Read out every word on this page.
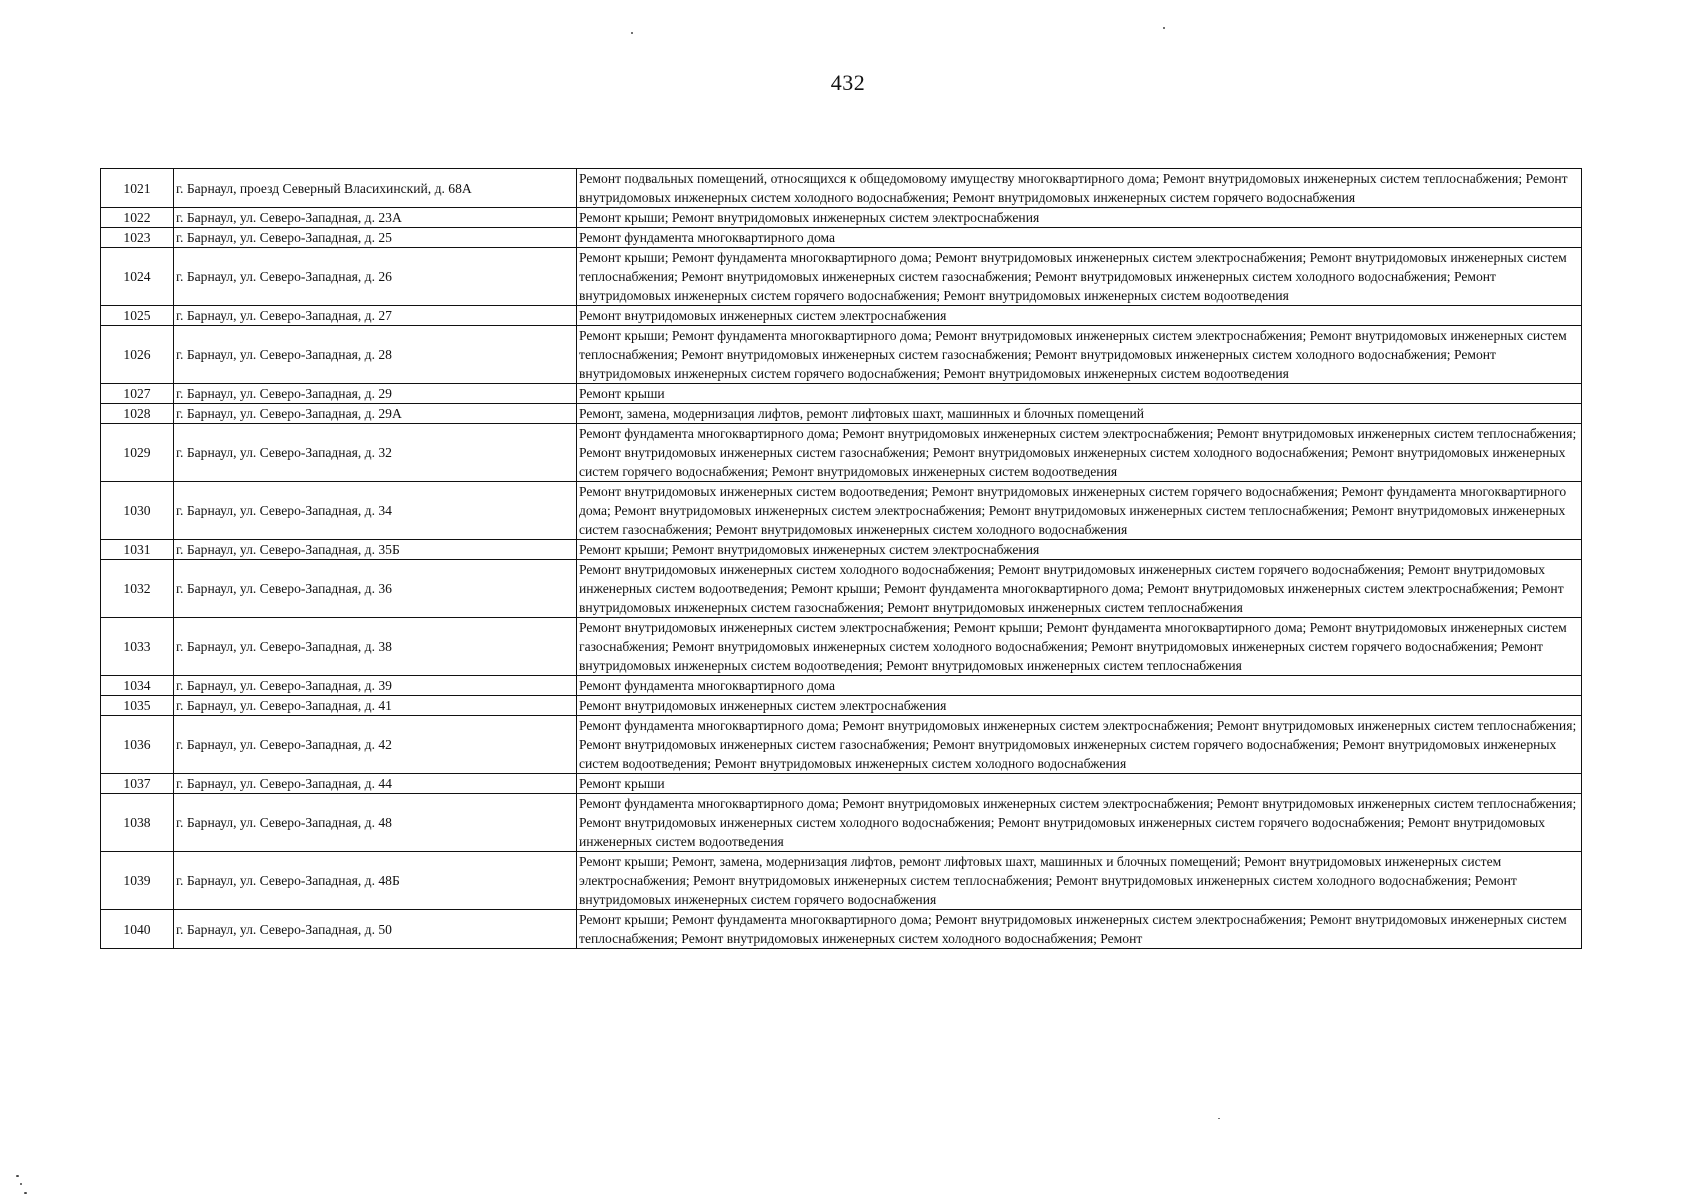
432
1021	г. Барнаул, проезд Северный Власихинский, д. 68А	Ремонт подвальных помещений, относящихся к общедомовому имуществу многоквартирного дома; Ремонт внутридомовых инженерных систем теплоснабжения; Ремонт внутридомовых инженерных систем холодного водоснабжения; Ремонт внутридомовых инженерных систем горячего водоснабжения
1022	г. Барнаул, ул. Северо-Западная, д. 23А	Ремонт крыши; Ремонт внутридомовых инженерных систем электроснабжения
1023	г. Барнаул, ул. Северо-Западная, д. 25	Ремонт фундамента многоквартирного дома
1024	г. Барнаул, ул. Северо-Западная, д. 26	Ремонт крыши; Ремонт фундамента многоквартирного дома; Ремонт внутридомовых инженерных систем электроснабжения; Ремонт внутридомовых инженерных систем теплоснабжения; Ремонт внутридомовых инженерных систем газоснабжения; Ремонт внутридомовых инженерных систем холодного водоснабжения; Ремонт внутридомовых инженерных систем горячего водоснабжения; Ремонт внутридомовых инженерных систем водоотведения
1025	г. Барнаул, ул. Северо-Западная, д. 27	Ремонт внутридомовых инженерных систем электроснабжения
1026	г. Барнаул, ул. Северо-Западная, д. 28	Ремонт крыши; Ремонт фундамента многоквартирного дома; Ремонт внутридомовых инженерных систем электроснабжения; Ремонт внутридомовых инженерных систем теплоснабжения; Ремонт внутридомовых инженерных систем газоснабжения; Ремонт внутридомовых инженерных систем холодного водоснабжения; Ремонт внутридомовых инженерных систем горячего водоснабжения; Ремонт внутридомовых инженерных систем водоотведения
1027	г. Барнаул, ул. Северо-Западная, д. 29	Ремонт крыши
1028	г. Барнаул, ул. Северо-Западная, д. 29А	Ремонт, замена, модернизация лифтов, ремонт лифтовых шахт, машинных и блочных помещений
1029	г. Барнаул, ул. Северо-Западная, д. 32	Ремонт фундамента многоквартирного дома; Ремонт внутридомовых инженерных систем электроснабжения; Ремонт внутридомовых инженерных систем теплоснабжения; Ремонт внутридомовых инженерных систем газоснабжения; Ремонт внутридомовых инженерных систем холодного водоснабжения; Ремонт внутридомовых инженерных систем горячего водоснабжения; Ремонт внутридомовых инженерных систем водоотведения
1030	г. Барнаул, ул. Северо-Западная, д. 34	Ремонт внутридомовых инженерных систем водоотведения; Ремонт внутридомовых инженерных систем горячего водоснабжения; Ремонт фундамента многоквартирного дома; Ремонт внутридомовых инженерных систем электроснабжения; Ремонт внутридомовых инженерных систем теплоснабжения; Ремонт внутридомовых инженерных систем газоснабжения; Ремонт внутридомовых инженерных систем холодного водоснабжения
1031	г. Барнаул, ул. Северо-Западная, д. 35Б	Ремонт крыши; Ремонт внутридомовых инженерных систем электроснабжения
1032	г. Барнаул, ул. Северо-Западная, д. 36	Ремонт внутридомовых инженерных систем холодного водоснабжения; Ремонт внутридомовых инженерных систем горячего водоснабжения; Ремонт внутридомовых инженерных систем водоотведения; Ремонт крыши; Ремонт фундамента многоквартирного дома; Ремонт внутридомовых инженерных систем электроснабжения; Ремонт внутридомовых инженерных систем газоснабжения; Ремонт внутридомовых инженерных систем теплоснабжения
1033	г. Барнаул, ул. Северо-Западная, д. 38	Ремонт внутридомовых инженерных систем электроснабжения; Ремонт крыши; Ремонт фундамента многоквартирного дома; Ремонт внутридомовых инженерных систем газоснабжения; Ремонт внутридомовых инженерных систем холодного водоснабжения; Ремонт внутридомовых инженерных систем горячего водоснабжения; Ремонт внутридомовых инженерных систем водоотведения; Ремонт внутридомовых инженерных систем теплоснабжения
1034	г. Барнаул, ул. Северо-Западная, д. 39	Ремонт фундамента многоквартирного дома
1035	г. Барнаул, ул. Северо-Западная, д. 41	Ремонт внутридомовых инженерных систем электроснабжения
1036	г. Барнаул, ул. Северо-Западная, д. 42	Ремонт фундамента многоквартирного дома; Ремонт внутридомовых инженерных систем электроснабжения; Ремонт внутридомовых инженерных систем теплоснабжения; Ремонт внутридомовых инженерных систем газоснабжения; Ремонт внутридомовых инженерных систем горячего водоснабжения; Ремонт внутридомовых инженерных систем водоотведения; Ремонт внутридомовых инженерных систем холодного водоснабжения
1037	г. Барнаул, ул. Северо-Западная, д. 44	Ремонт крыши
1038	г. Барнаул, ул. Северо-Западная, д. 48	Ремонт фундамента многоквартирного дома; Ремонт внутридомовых инженерных систем электроснабжения; Ремонт внутридомовых инженерных систем теплоснабжения; Ремонт внутридомовых инженерных систем холодного водоснабжения; Ремонт внутридомовых инженерных систем горячего водоснабжения; Ремонт внутридомовых инженерных систем водоотведения
1039	г. Барнаул, ул. Северо-Западная, д. 48Б	Ремонт крыши; Ремонт, замена, модернизация лифтов, ремонт лифтовых шахт, машинных и блочных помещений; Ремонт внутридомовых инженерных систем электроснабжения; Ремонт внутридомовых инженерных систем теплоснабжения; Ремонт внутридомовых инженерных систем холодного водоснабжения; Ремонт внутридомовых инженерных систем горячего водоснабжения
1040	г. Барнаул, ул. Северо-Западная, д. 50	Ремонт крыши; Ремонт фундамента многоквартирного дома; Ремонт внутридомовых инженерных систем электроснабжения; Ремонт внутридомовых инженерных систем теплоснабжения; Ремонт внутридомовых инженерных систем холодного водоснабжения; Ремонт
